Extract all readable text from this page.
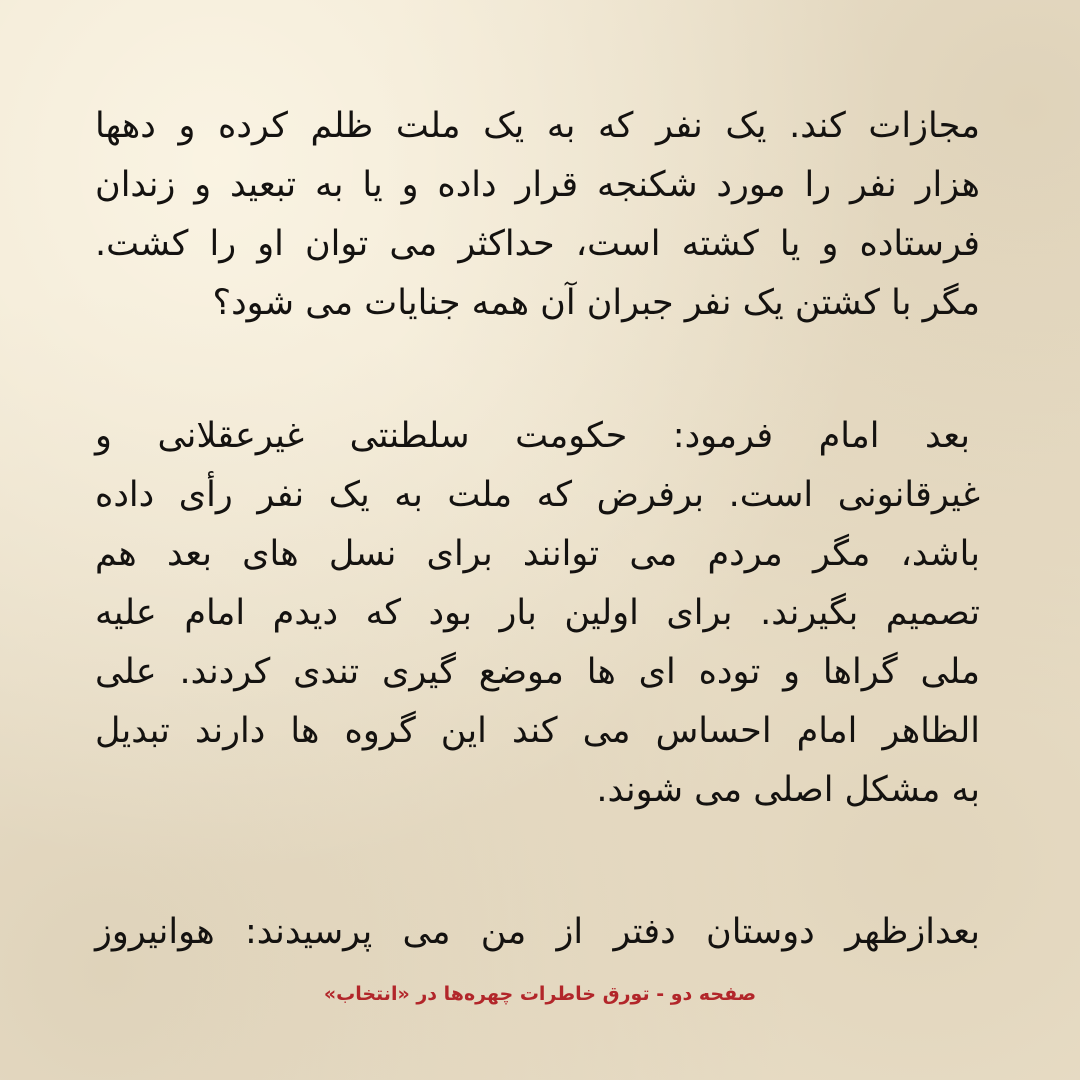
مجازات کند. یک نفر که به یک ملت ظلم کرده و دهها
هزار نفر را مورد شکنجه قرار داده و یا به تبعید و زندان
فرستاده و یا کشته است، حداکثر می توان او را کشت.
مگر با کشتن یک نفر جبران آن همه جنایات می شود؟
بعد امام فرمود: حکومت سلطنتی غیرعقلانی و
غیرقانونی است. برفرض که ملت به یک نفر رأی داده
باشد، مگر مردم می توانند برای نسل های بعد هم
تصمیم بگیرند. برای اولین بار بود که دیدم امام علیه
ملی گراها و توده ای ها موضع گیری تندی کردند. علی
الظاهر امام احساس می کند این گروه ها دارند تبدیل
به مشکل اصلی می شوند.
بعدازظهر دوستان دفتر از من می پرسیدند: هوانیروز
صفحه دو - تورق خاطرات چهره‌ها در «انتخاب»
